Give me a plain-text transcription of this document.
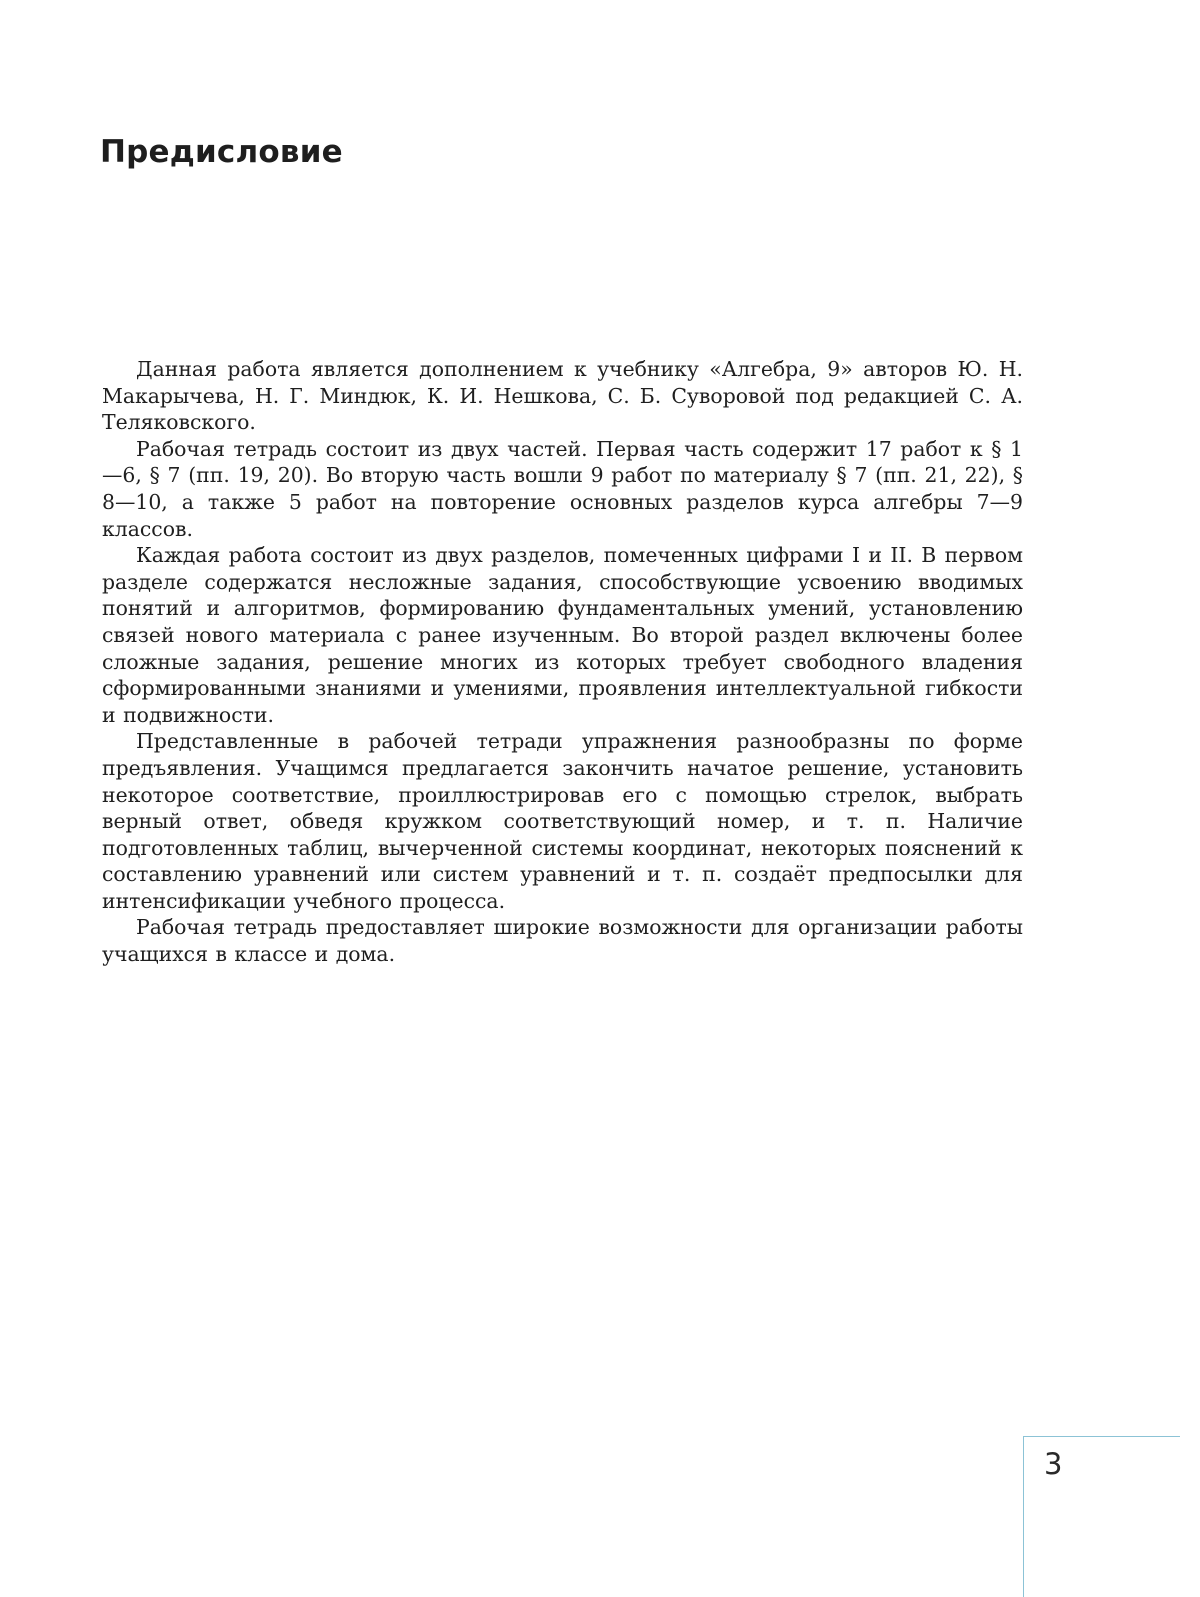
Предисловие

Данная работа является дополнением к учебнику «Алгебра, 9» авторов Ю. Н. Макарычева, Н. Г. Миндюк, К. И. Нешкова, С. Б. Суворовой под редакцией С. А. Теляковского.

Рабочая тетрадь состоит из двух частей. Первая часть содержит 17 работ к § 1—6, § 7 (пп. 19, 20). Во вторую часть вошли 9 работ по материалу § 7 (пп. 21, 22), § 8—10, а также 5 работ на повторение основных разделов курса алгебры 7—9 классов.

Каждая работа состоит из двух разделов, помеченных цифрами I и II. В первом разделе содержатся несложные задания, способствующие усвоению вводимых понятий и алгоритмов, формированию фундаментальных умений, установлению связей нового материала с ранее изученным. Во второй раздел включены более сложные задания, решение многих из которых требует свободного владения сформированными знаниями и умениями, проявления интеллектуальной гибкости и подвижности.

Представленные в рабочей тетради упражнения разнообразны по форме предъявления. Учащимся предлагается закончить начатое решение, установить некоторое соответствие, проиллюстрировав его с помощью стрелок, выбрать верный ответ, обведя кружком соответствующий номер, и т. п. Наличие подготовленных таблиц, вычерченной системы координат, некоторых пояснений к составлению уравнений или систем уравнений и т. п. создаёт предпосылки для интенсификации учебного процесса.

Рабочая тетрадь предоставляет широкие возможности для организации работы учащихся в классе и дома.

3
